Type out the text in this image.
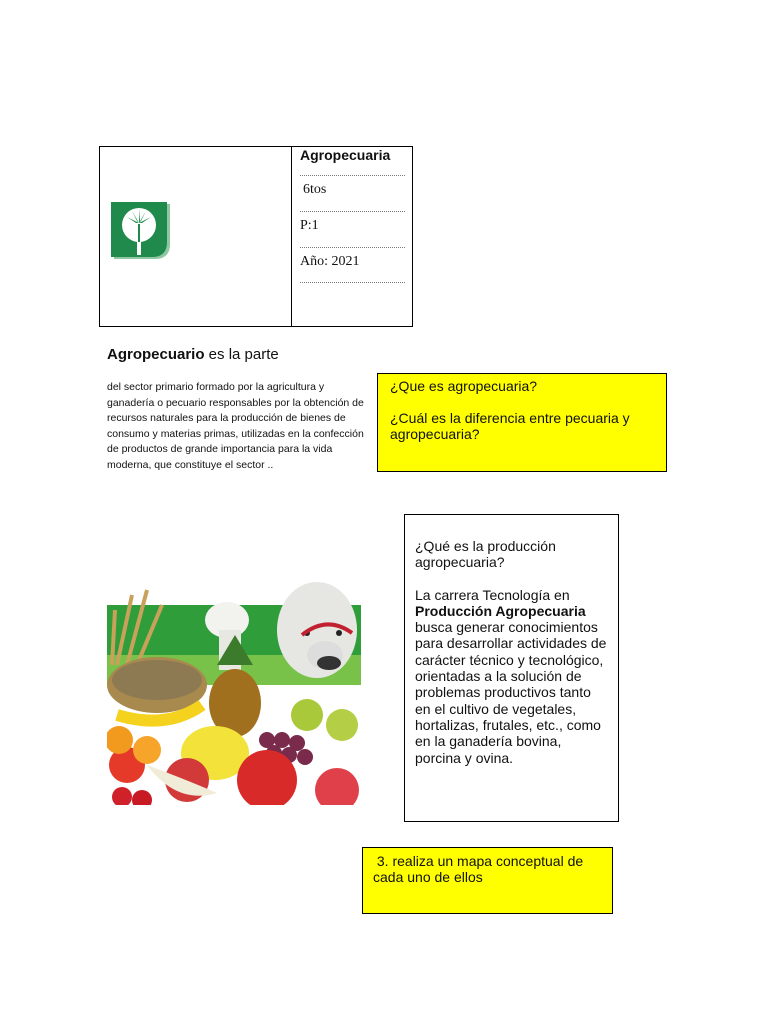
Agropecuaria
6tos
P:1
Año: 2021
Agropecuario es la parte
del sector primario formado por la agricultura y ganadería o pecuario responsables por la obtención de recursos naturales para la producción de bienes de consumo y materias primas, utilizadas en la confección de productos de grande importancia para la vida moderna, que constituye el sector ..

¿Que es agropecuaria?

¿Cuál es la diferencia entre pecuaria y agropecuaria?

¿Qué es la producción agropecuaria?

La carrera Tecnología en Producción Agropecuaria busca generar conocimientos para desarrollar actividades de carácter técnico y tecnológico, orientadas a la solución de problemas productivos tanto en el cultivo de vegetales, hortalizas, frutales, etc., como en la ganadería bovina, porcina y ovina.

3. realiza un mapa conceptual de cada uno de ellos
